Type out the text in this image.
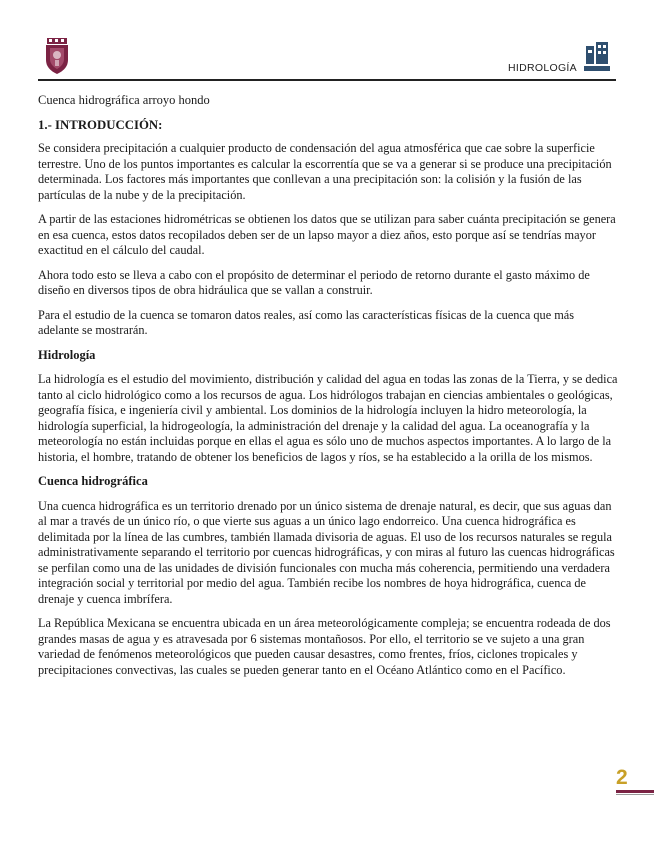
HIDROLOGÍA

Cuenca hidrográfica arroyo hondo

1.- INTRODUCCIÓN:

Se considera precipitación a cualquier producto de condensación del agua atmosférica que cae sobre la superficie terrestre. Uno de los puntos importantes es calcular la escorrentía que se va a generar si se produce una precipitación determinada. Los factores más importantes que conllevan a una precipitación son: la colisión y la fusión de las partículas de la nube y de la precipitación.

A partir de las estaciones hidrométricas se obtienen los datos que se utilizan para saber cuánta precipitación se genera en esa cuenca, estos datos recopilados deben ser de un lapso mayor a diez años, esto porque así se tendrías mayor exactitud en el cálculo del caudal.

Ahora todo esto se lleva a cabo con el propósito de determinar el periodo de retorno durante el gasto máximo de diseño en diversos tipos de obra hidráulica que se vallan a construir.

Para el estudio de la cuenca se tomaron datos reales, así como las características físicas de la cuenca que más adelante se mostrarán.

Hidrología

La hidrología es el estudio del movimiento, distribución y calidad del agua en todas las zonas de la Tierra, y se dedica tanto al ciclo hidrológico como a los recursos de agua. Los hidrólogos trabajan en ciencias ambientales o geológicas, geografía física, e ingeniería civil y ambiental. Los dominios de la hidrología incluyen la hidro meteorología, la hidrología superficial, la hidrogeología, la administración del drenaje y la calidad del agua. La oceanografía y la meteorología no están incluidas porque en ellas el agua es sólo uno de muchos aspectos importantes. A lo largo de la historia, el hombre, tratando de obtener los beneficios de lagos y ríos, se ha establecido a la orilla de los mismos.

Cuenca hidrográfica

Una cuenca hidrográfica es un territorio drenado por un único sistema de drenaje natural, es decir, que sus aguas dan al mar a través de un único río, o que vierte sus aguas a un único lago endorreico. Una cuenca hidrográfica es delimitada por la línea de las cumbres, también llamada divisoria de aguas. El uso de los recursos naturales se regula administrativamente separando el territorio por cuencas hidrográficas, y con miras al futuro las cuencas hidrográficas se perfilan como una de las unidades de división funcionales con mucha más coherencia, permitiendo una verdadera integración social y territorial por medio del agua. También recibe los nombres de hoya hidrográfica, cuenca de drenaje y cuenca imbrífera.

La República Mexicana se encuentra ubicada en un área meteorológicamente compleja; se encuentra rodeada de dos grandes masas de agua y es atravesada por 6 sistemas montañosos. Por ello, el territorio se ve sujeto a una gran variedad de fenómenos meteorológicos que pueden causar desastres, como frentes, fríos, ciclones tropicales y precipitaciones convectivas, las cuales se pueden generar tanto en el Océano Atlántico como en el Pacífico.

2
